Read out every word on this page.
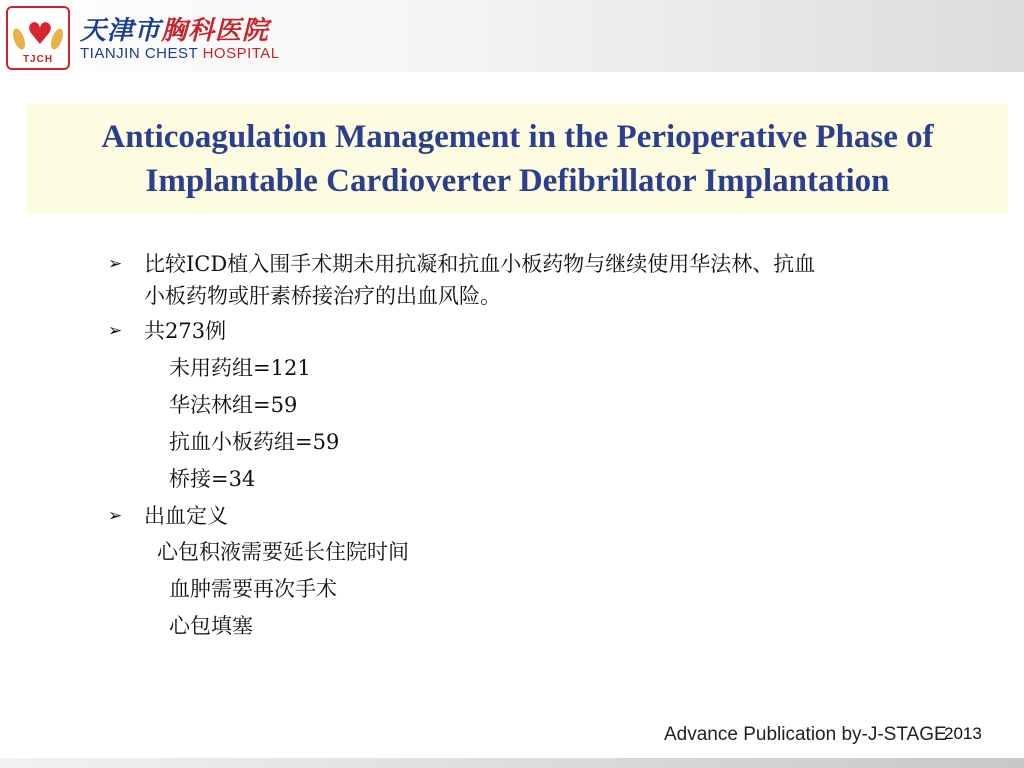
♥
TJCH
天津市胸科医院
TIANJIN CHEST HOSPITAL
Anticoagulation Management in the Perioperative Phase of
Implantable Cardioverter Defibrillator Implantation
➢ 比较ICD植入围手术期未用抗凝和抗血小板药物与继续使用华法林、抗血
小板药物或肝素桥接治疗的出血风险。
➢ 共273例
未用药组=121
华法林组=59
抗血小板药组=59
桥接=34
➢ 出血定义
心包积液需要延长住院时间
血肿需要再次手术
心包填塞
Advance Publication by-J-STAGE
2013
